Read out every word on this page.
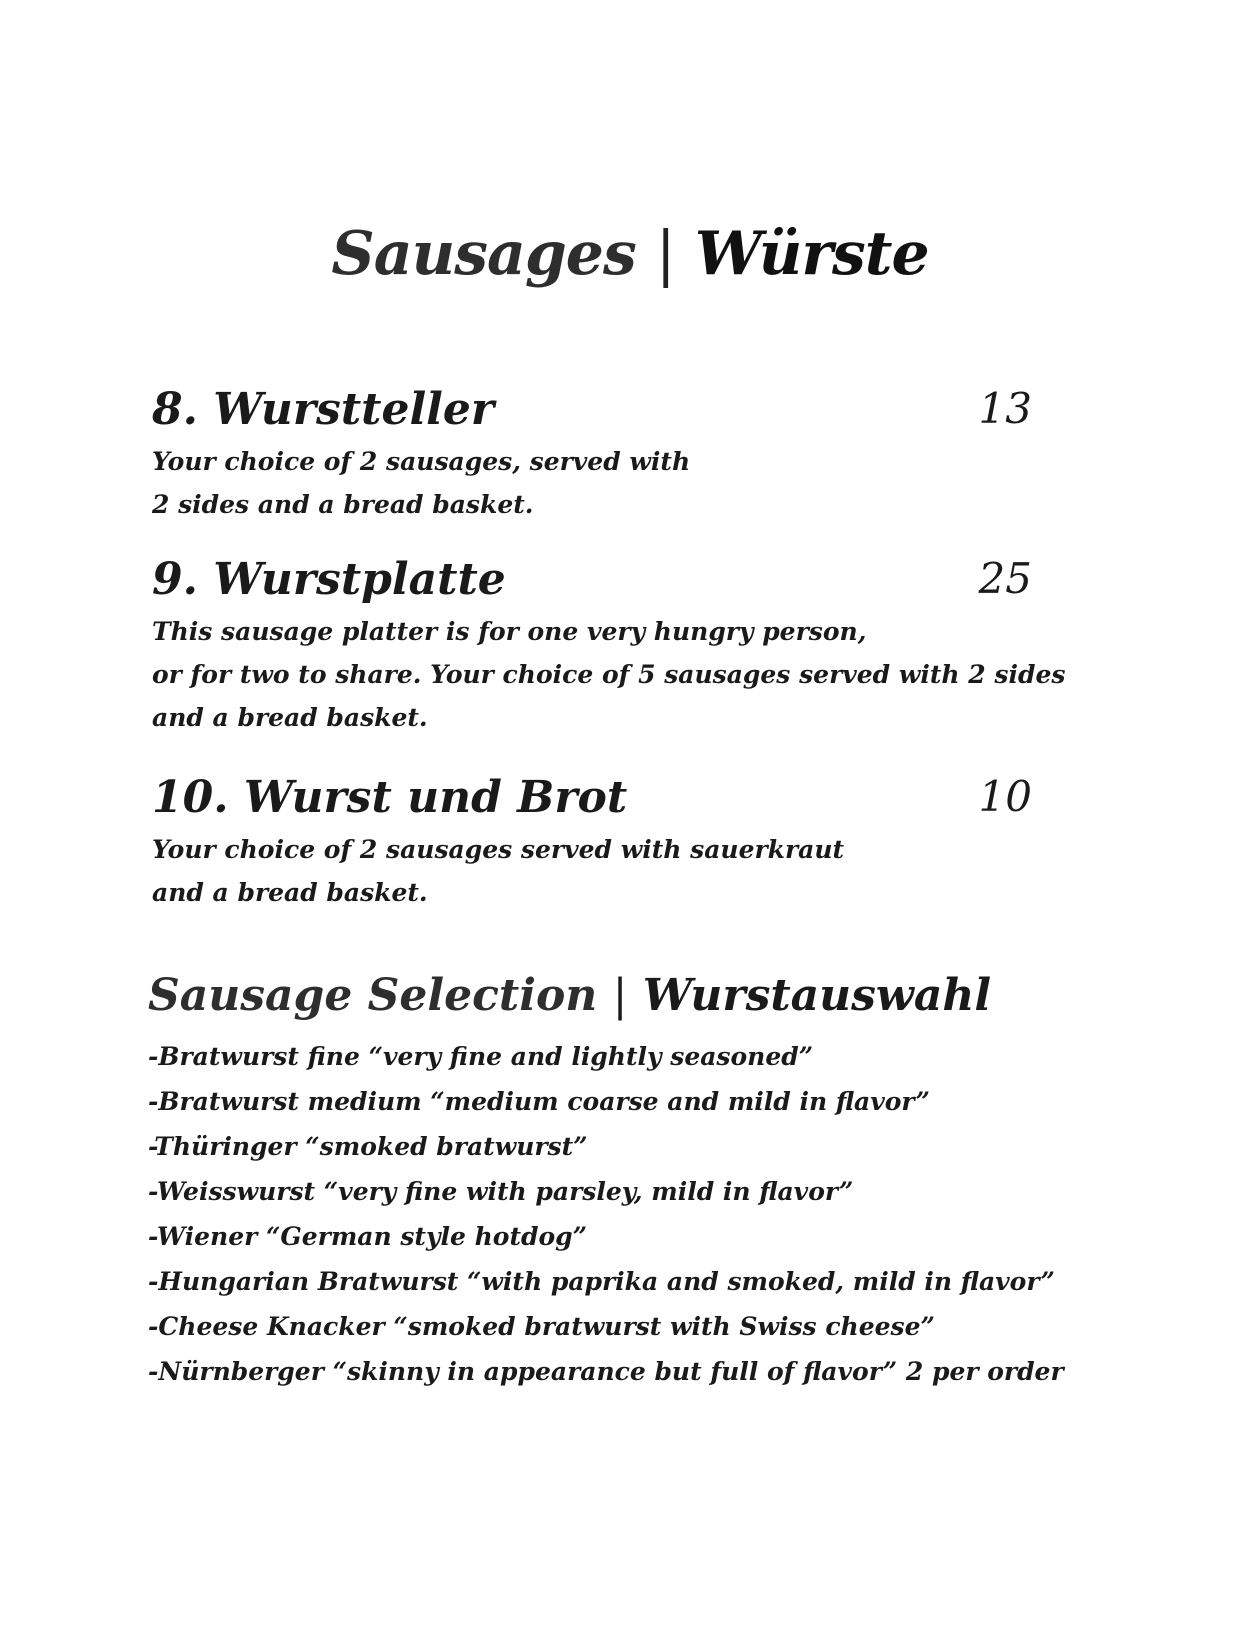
Sausages | Würste
8. Wurstteller	13
Your choice of 2 sausages, served with
2 sides and a bread basket.
9. Wurstplatte	25
This sausage platter is for one very hungry person,
or for two to share. Your choice of 5 sausages served with 2 sides
and a bread basket.
10. Wurst und Brot	10
Your choice of 2 sausages served with sauerkraut
and a bread basket.
Sausage Selection | Wurstauswahl
-Bratwurst fine “very fine and lightly seasoned”
-Bratwurst medium “medium coarse and mild in flavor”
-Thüringer “smoked bratwurst”
-Weisswurst “very fine with parsley, mild in flavor”
-Wiener “German style hotdog”
-Hungarian Bratwurst “with paprika and smoked, mild in flavor”
-Cheese Knacker “smoked bratwurst with Swiss cheese”
-Nürnberger “skinny in appearance but full of flavor” 2 per order
